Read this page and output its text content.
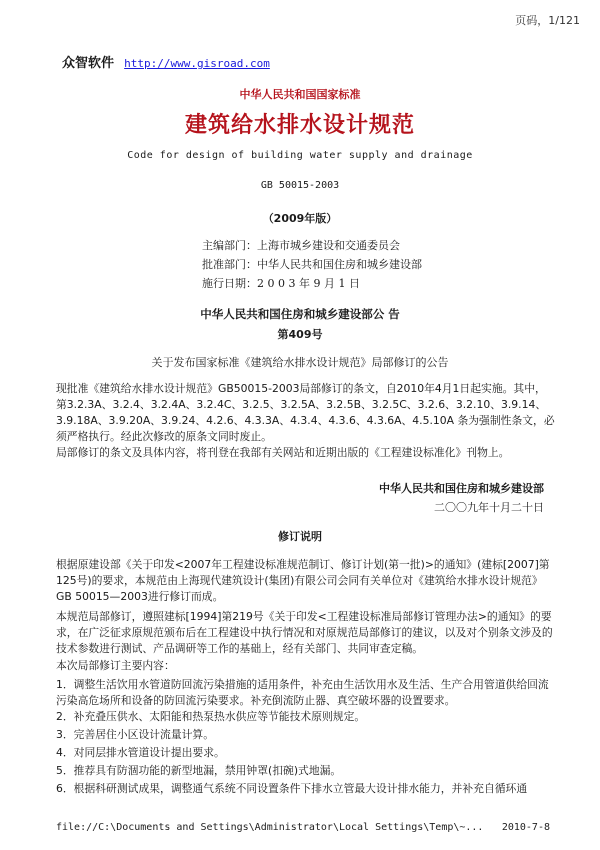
页码，1/121
众智软件 http://www.gisroad.com
中华人民共和国国家标准
建筑给水排水设计规范
Code for design of building water supply and drainage
GB 50015-2003
（2009年版）
主编部门：上海市城乡建设和交通委员会
批准部门：中华人民共和国住房和城乡建设部
施行日期：2 0 0 3 年 9 月 1 日
中华人民共和国住房和城乡建设部公 告
第409号
关于发布国家标准《建筑给水排水设计规范》局部修订的公告
现批准《建筑给水排水设计规范》GB50015-2003局部修订的条文，自2010年4月1日起实施。其中，第3.2.3A、3.2.4、3.2.4A、3.2.4C、3.2.5、3.2.5A、3.2.5B、3.2.5C、3.2.6、3.2.10、3.9.14、3.9.18A、3.9.20A、3.9.24、4.2.6、4.3.3A、4.3.4、4.3.6、4.3.6A、4.5.10A 条为强制性条文，必须严格执行。经此次修改的原条文同时废止。
局部修订的条文及具体内容，将刊登在我部有关网站和近期出版的《工程建设标准化》刊物上。
中华人民共和国住房和城乡建设部
二〇〇九年十月二十日
修订说明
根据原建设部《关于印发<2007年工程建设标准规范制订、修订计划(第一批)>的通知》(建标[2007]第125号)的要求，本规范由上海现代建筑设计(集团)有限公司会同有关单位对《建筑给水排水设计规范》GB 50015—2003进行修订而成。
本规范局部修订，遵照建标[1994]第219号《关于印发<工程建设标准局部修订管理办法>的通知》的要求，在广泛征求原规范颁布后在工程建设中执行情况和对原规范局部修订的建议，以及对个别条文涉及的技术参数进行测试、产品调研等工作的基础上，经有关部门、共同审查定稿。
本次局部修订主要内容：
1．调整生活饮用水管道防回流污染措施的适用条件，补充由生活饮用水及生活、生产合用管道供给回流污染高危场所和设备的防回流污染要求。补充倒流防止器、真空破坏器的设置要求。
2．补充叠压供水、太阳能和热泵热水供应等节能技术原则规定。
3．完善居住小区设计流量计算。
4．对同层排水管道设计提出要求。
5．推荐具有防涸功能的新型地漏，禁用钟罩(扣碗)式地漏。
6．根据科研测试成果，调整通气系统不同设置条件下排水立管最大设计排水能力，并补充自循环通
file://C:\Documents and Settings\Administrator\Local Settings\Temp\~... 2010-7-8
